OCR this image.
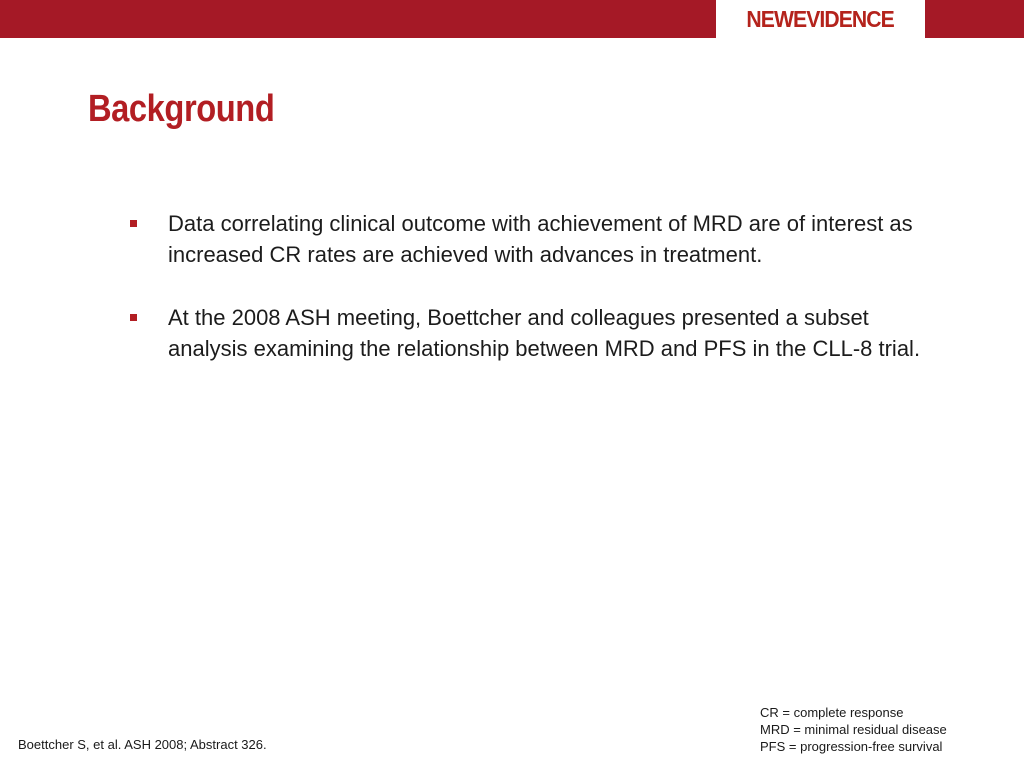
NEWEVIDENCE
Background
Data correlating clinical outcome with achievement of MRD are of interest as increased CR rates are achieved with advances in treatment.
At the 2008 ASH meeting, Boettcher and colleagues presented a subset analysis examining the relationship between MRD and PFS in the CLL-8 trial.
Boettcher S, et al. ASH 2008; Abstract 326.
CR = complete response
MRD = minimal residual disease
PFS = progression-free survival
